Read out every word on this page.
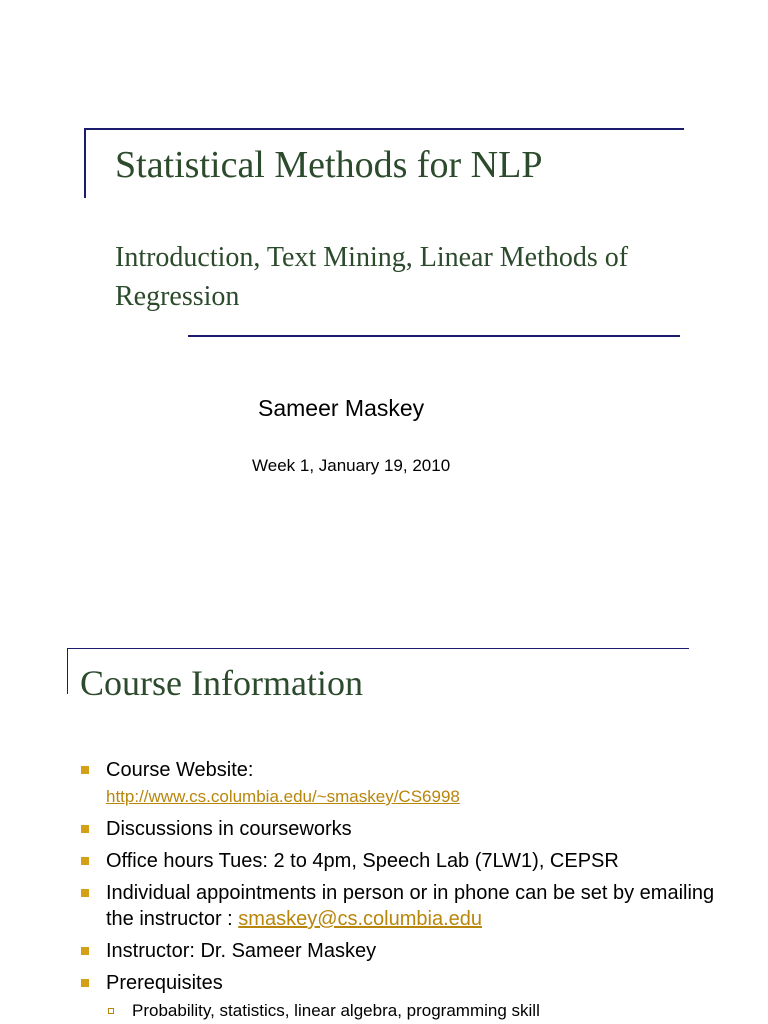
Statistical Methods for NLP
Introduction, Text Mining, Linear Methods of Regression
Sameer Maskey
Week 1, January 19, 2010
Course Information
Course Website:
http://www.cs.columbia.edu/~smaskey/CS6998
Discussions in courseworks
Office hours Tues: 2 to 4pm, Speech Lab (7LW1), CEPSR
Individual appointments in person or in phone can be set by emailing the instructor : smaskey@cs.columbia.edu
Instructor: Dr. Sameer Maskey
Prerequisites
Probability, statistics, linear algebra, programming skill
